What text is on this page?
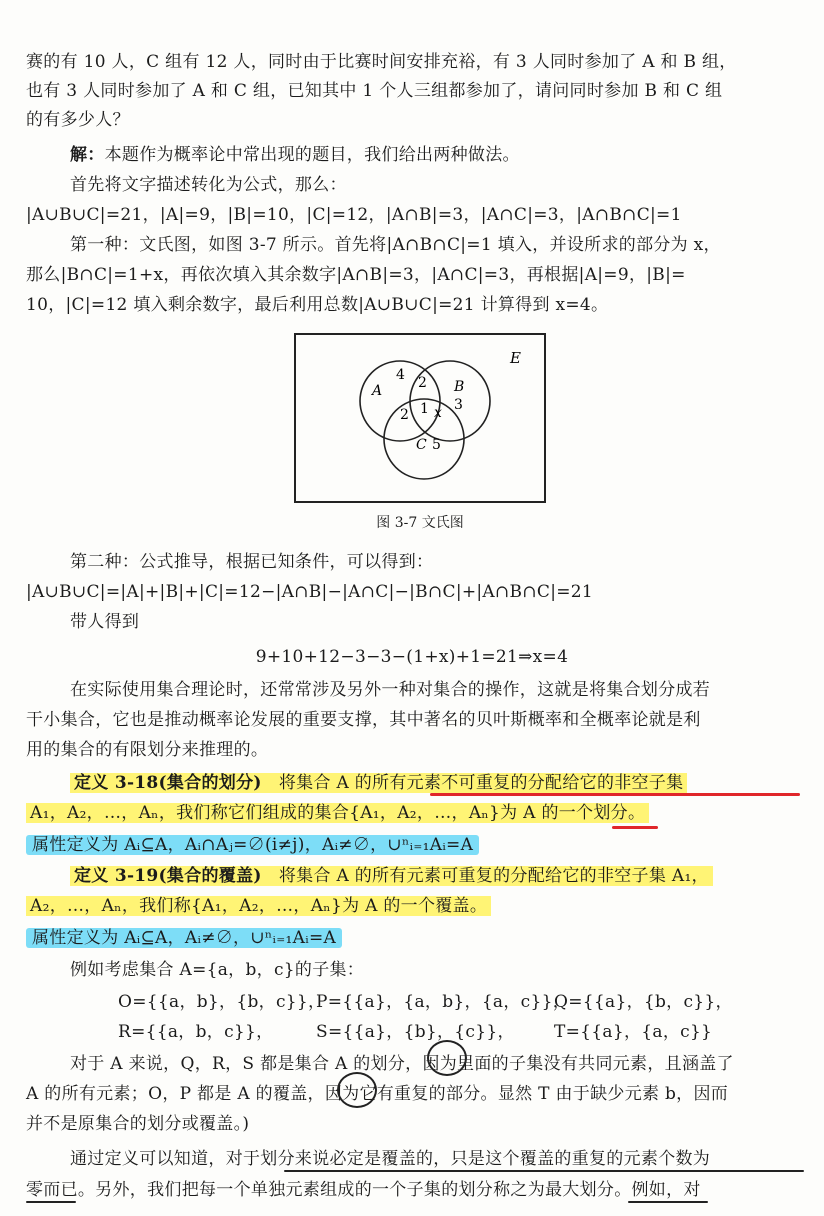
赛的有 10 人，C 组有 12 人，同时由于比赛时间安排充裕，有 3 人同时参加了 A 和 B 组，
也有 3 人同时参加了 A 和 C 组，已知其中 1 个人三组都参加了，请问同时参加 B 和 C 组
的有多少人？
解：本题作为概率论中常出现的题目，我们给出两种做法。
首先将文字描述转化为公式，那么：
|A∪B∪C|=21，|A|=9，|B|=10，|C|=12，|A∩B|=3，|A∩C|=3，|A∩B∩C|=1
第一种：文氏图，如图 3-7 所示。首先将|A∩B∩C|=1 填入，并设所求的部分为 x，
那么|B∩C|=1+x，再依次填入其余数字|A∩B|=3，|A∩C|=3，再根据|A|=9，|B|=
10，|C|=12 填入剩余数字，最后利用总数|A∪B∪C|=21 计算得到 x=4。
E
A
4 2 B
3
2 1 x
C 5
图 3-7 文氏图
第二种：公式推导，根据已知条件，可以得到：
|A∪B∪C|=|A|+|B|+|C|=12−|A∩B|−|A∩C|−|B∩C|+|A∩B∩C|=21
带人得到
9+10+12−3−3−(1+x)+1=21⇒x=4
在实际使用集合理论时，还常常涉及另外一种对集合的操作，这就是将集合划分成若
干小集合，它也是推动概率论发展的重要支撑，其中著名的贝叶斯概率和全概率论就是利
用的集合的有限划分来推理的。
定义 3-18(集合的划分) 将集合 A 的所有元素不可重复的分配给它的非空子集
A₁，A₂，…，Aₙ，我们称它们组成的集合{A₁，A₂，…，Aₙ}为 A 的一个划分。
属性定义为 Aᵢ⊆A，Aᵢ∩Aⱼ=∅(i≠j)，Aᵢ≠∅，∪ⁿᵢ₌₁Aᵢ=A
定义 3-19(集合的覆盖) 将集合 A 的所有元素可重复的分配给它的非空子集 A₁，
A₂，…，Aₙ，我们称{A₁，A₂，…，Aₙ}为 A 的一个覆盖。
属性定义为 Aᵢ⊆A，Aᵢ≠∅，∪ⁿᵢ₌₁Aᵢ=A
例如考虑集合 A={a，b，c}的子集：
O={{a，b}，{b，c}}，
P={{a}，{a，b}，{a，c}}，
Q={{a}，{b，c}}，
R={{a，b，c}}，	S={{a}，{b}，{c}}， T={{a}，{a，c}}
对于 A 来说，Q，R，S 都是集合 A 的划分，因为里面的子集没有共同元素，且涵盖了
A 的所有元素；O，P 都是 A 的覆盖，因为它有重复的部分。显然 T 由于缺少元素 b，因而
并不是原集合的划分或覆盖。)
通过定义可以知道，对于划分来说必定是覆盖的，只是这个覆盖的重复的元素个数为
零而已。另外，我们把每一个单独元素组成的一个子集的划分称之为最大划分。例如，对
